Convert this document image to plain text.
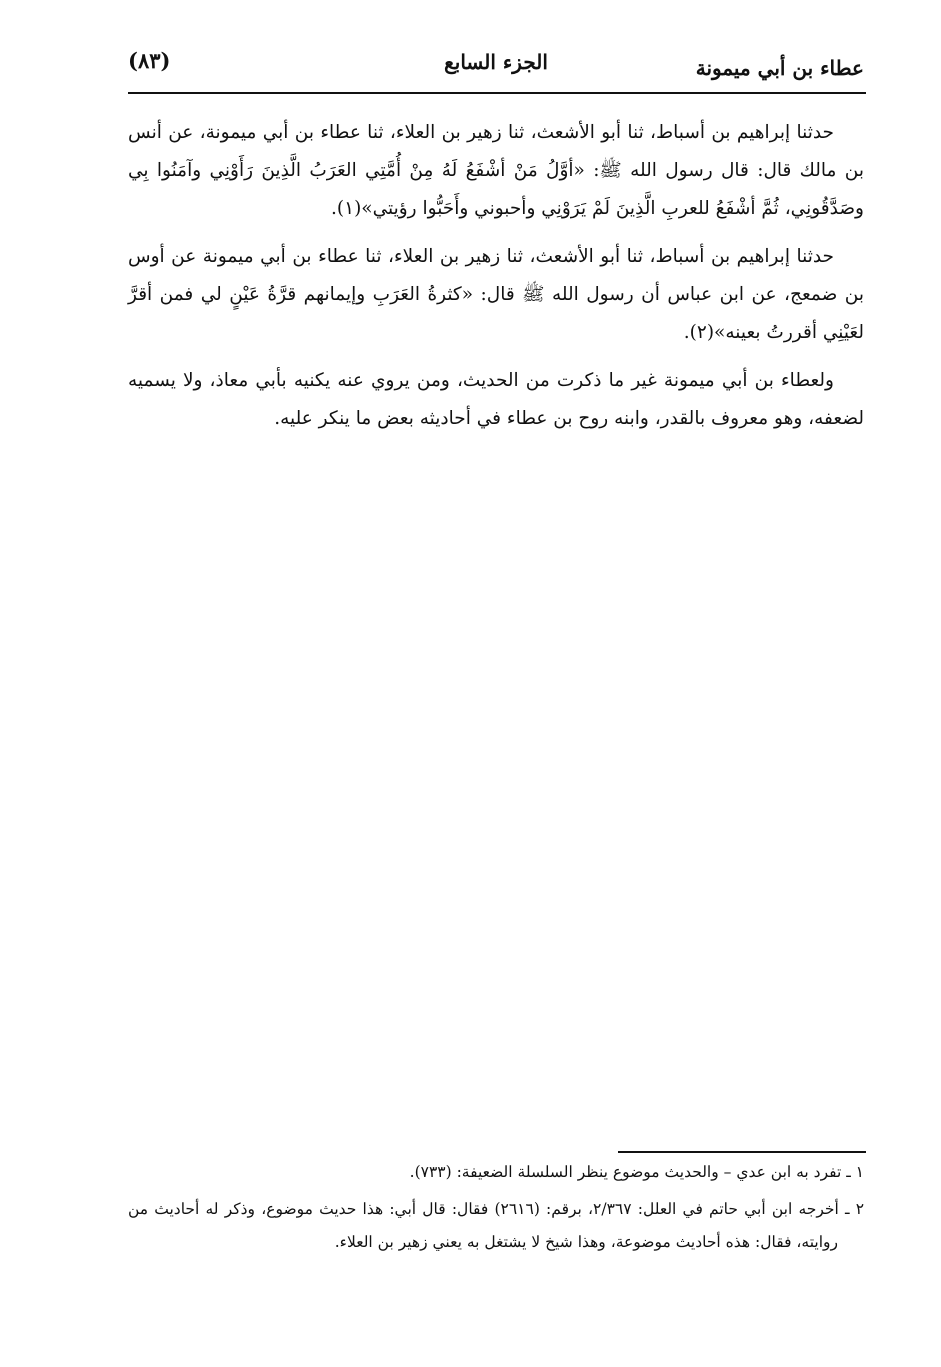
عطاء بن أبي ميمونة
الجزء السابع
(٨٣)

حدثنا إبراهيم بن أسباط، ثنا أبو الأشعث، ثنا زهير بن العلاء، ثنا عطاء بن أبي ميمونة، عن أنس بن مالك قال: قال رسول الله ﷺ: «أوَّلُ مَنْ أشْفَعُ لَهُ مِنْ أُمَّتِي العَرَبُ الَّذِينَ رَأَوْنِي وآمَنُوا بِي وصَدَّقُونِي، ثُمَّ أشْفَعُ للعربِ الَّذِينَ لَمْ يَرَوْنِي وأحبوني وأَحَبُّوا رؤيتي»(١).

حدثنا إبراهيم بن أسباط، ثنا أبو الأشعث، ثنا زهير بن العلاء، ثنا عطاء بن أبي ميمونة عن أوس بن ضمعج، عن ابن عباس أن رسول الله ﷺ قال: «كثرةُ العَرَبِ وإيمانهم قرَّةُ عَيْنٍ لي فمن أقرَّ لعَيْنِي أقررتُ بعينه»(٢).

ولعطاء بن أبي ميمونة غير ما ذكرت من الحديث، ومن يروي عنه يكنيه بأبي معاذ، ولا يسميه لضعفه، وهو معروف بالقدر، وابنه روح بن عطاء في أحاديثه بعض ما ينكر عليه.

١ ـ تفرد به ابن عدي – والحديث موضوع ينظر السلسلة الضعيفة: (٧٣٣).

٢ ـ أخرجه ابن أبي حاتم في العلل: ٢/٣٦٧، برقم: (٢٦١٦) فقال: قال أبي: هذا حديث موضوع، وذكر له أحاديث من روايته، فقال: هذه أحاديث موضوعة، وهذا شيخ لا يشتغل به يعني زهير بن العلاء.
